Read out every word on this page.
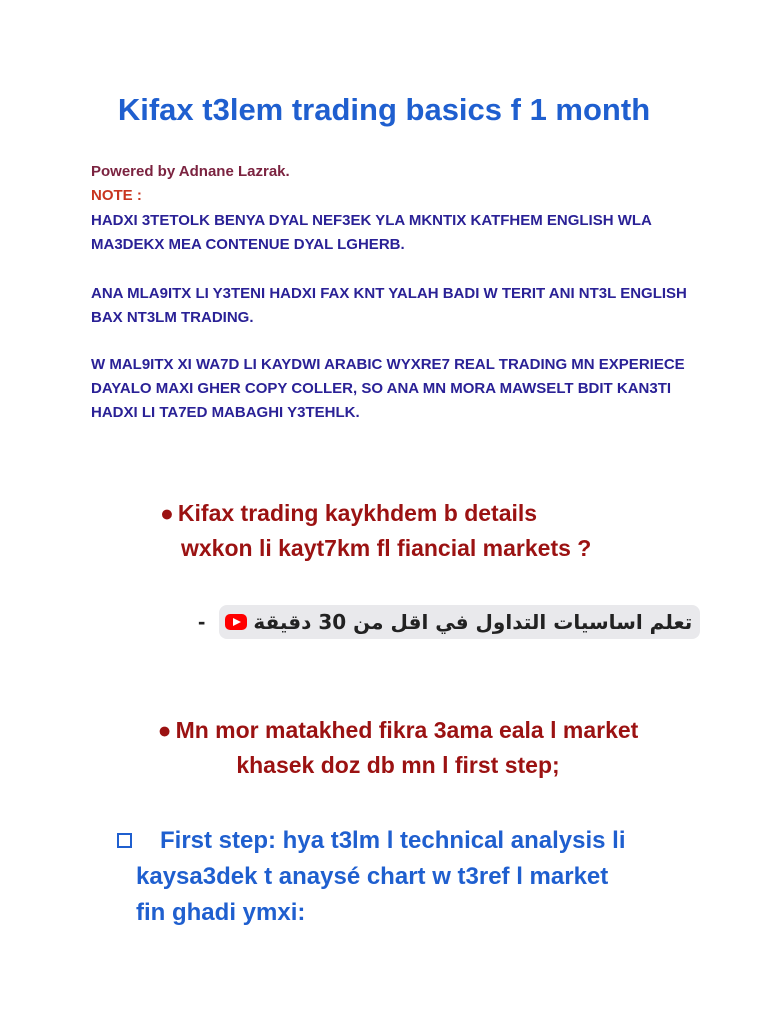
Kifax t3lem trading basics f 1 month
Powered by Adnane Lazrak.
NOTE :

HADXI 3TETOLK BENYA DYAL NEF3EK YLA MKNTIX KATFHEM ENGLISH WLA MA3DEKX MEA CONTENUE DYAL LGHERB.

ANA MLA9ITX LI Y3TENI HADXI FAX KNT YALAH BADI W TERIT ANI NT3L ENGLISH BAX NT3LM TRADING.

W MAL9ITX XI WA7D LI KAYDWI ARABIC WYXRE7 REAL TRADING MN EXPERIECE DAYALO MAXI GHER COPY COLLER, SO ANA MN MORA MAWSELT BDIT KAN3TI HADXI LI TA7ED MABAGHI Y3TEHLK.

● Kifax trading kaykhdem b details
wxkon li kayt7km fl fiancial markets ?
- تعلم اساسيات التداول في اقل من 30 دقيقة
● Mn mor matakhed fikra 3ama eala l market
khasek doz db mn l first step;
First step: hya t3lm l technical analysis li
kaysa3dek t anaysé chart w t3ref l market
fin ghadi ymxi:
